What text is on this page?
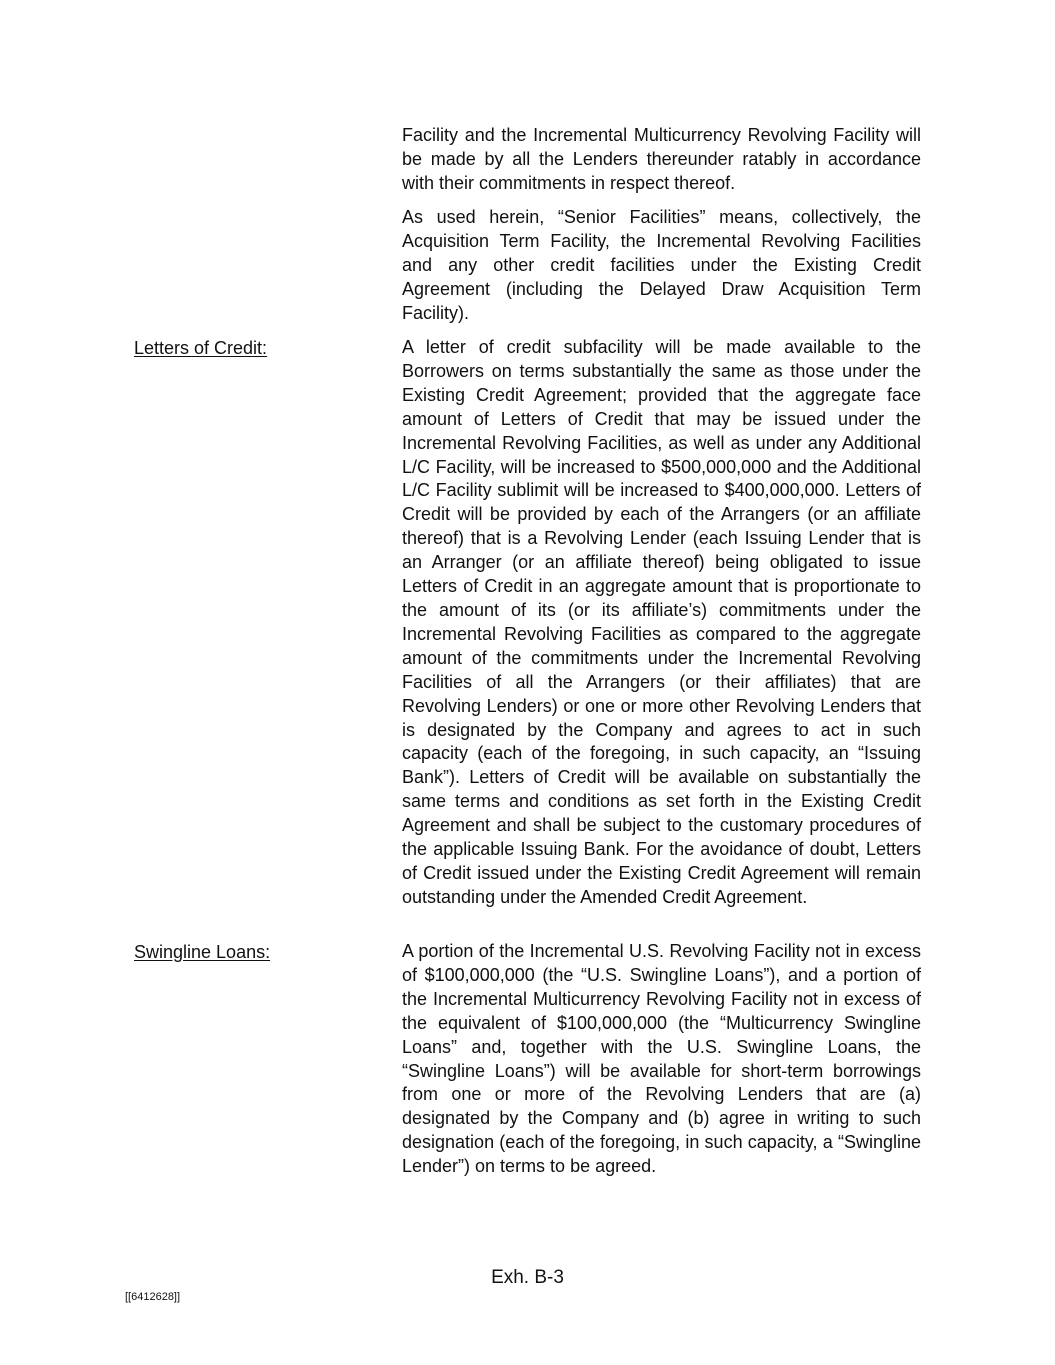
Facility and the Incremental Multicurrency Revolving Facility will be made by all the Lenders thereunder ratably in accordance with their commitments in respect thereof.
As used herein, “Senior Facilities” means, collectively, the Acquisition Term Facility, the Incremental Revolving Facilities and any other credit facilities under the Existing Credit Agreement (including the Delayed Draw Acquisition Term Facility).
Letters of Credit:	A letter of credit subfacility will be made available to the Borrowers on terms substantially the same as those under the Existing Credit Agreement; provided that the aggregate face amount of Letters of Credit that may be issued under the Incremental Revolving Facilities, as well as under any Additional L/C Facility, will be increased to $500,000,000 and the Additional L/C Facility sublimit will be increased to $400,000,000. Letters of Credit will be provided by each of the Arrangers (or an affiliate thereof) that is a Revolving Lender (each Issuing Lender that is an Arranger (or an affiliate thereof) being obligated to issue Letters of Credit in an aggregate amount that is proportionate to the amount of its (or its affiliate’s) commitments under the Incremental Revolving Facilities as compared to the aggregate amount of the commitments under the Incremental Revolving Facilities of all the Arrangers (or their affiliates) that are Revolving Lenders) or one or more other Revolving Lenders that is designated by the Company and agrees to act in such capacity (each of the foregoing, in such capacity, an “Issuing Bank”). Letters of Credit will be available on substantially the same terms and conditions as set forth in the Existing Credit Agreement and shall be subject to the customary procedures of the applicable Issuing Bank. For the avoidance of doubt, Letters of Credit issued under the Existing Credit Agreement will remain outstanding under the Amended Credit Agreement.
Swingline Loans:	A portion of the Incremental U.S. Revolving Facility not in excess of $100,000,000 (the “U.S. Swingline Loans”), and a portion of the Incremental Multicurrency Revolving Facility not in excess of the equivalent of $100,000,000 (the “Multicurrency Swingline Loans” and, together with the U.S. Swingline Loans, the “Swingline Loans”) will be available for short-term borrowings from one or more of the Revolving Lenders that are (a) designated by the Company and (b) agree in writing to such designation (each of the foregoing, in such capacity, a “Swingline Lender”) on terms to be agreed.
Exh. B-3
[[6412628]]
